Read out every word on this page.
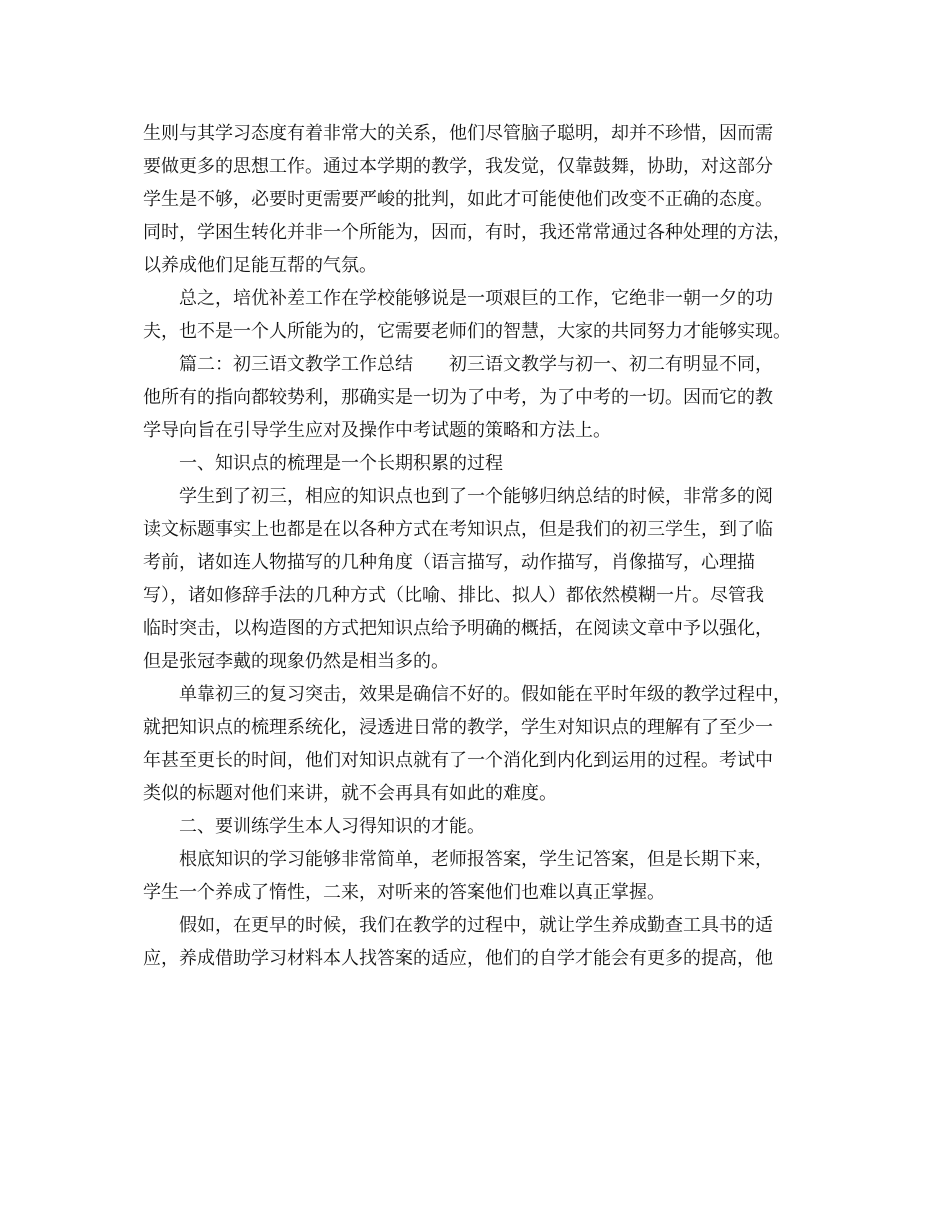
生则与其学习态度有着非常大的关系，他们尽管脑子聪明，却并不珍惜，因而需
要做更多的思想工作。通过本学期的教学，我发觉，仅靠鼓舞，协助，对这部分
学生是不够，必要时更需要严峻的批判，如此才可能使他们改变不正确的态度。
同时，学困生转化并非一个所能为，因而，有时，我还常常通过各种处理的方法，
以养成他们足能互帮的气氛。
总之，培优补差工作在学校能够说是一项艰巨的工作，它绝非一朝一夕的功
夫，也不是一个人所能为的，它需要老师们的智慧，大家的共同努力才能够实现。
篇二：初三语文教学工作总结　　初三语文教学与初一、初二有明显不同，
他所有的指向都较势利，那确实是一切为了中考，为了中考的一切。因而它的教
学导向旨在引导学生应对及操作中考试题的策略和方法上。
一、知识点的梳理是一个长期积累的过程
学生到了初三，相应的知识点也到了一个能够归纳总结的时候，非常多的阅
读文标题事实上也都是在以各种方式在考知识点，但是我们的初三学生，到了临
考前，诸如连人物描写的几种角度（语言描写，动作描写，肖像描写，心理描
写），诸如修辞手法的几种方式（比喻、排比、拟人）都依然模糊一片。尽管我
临时突击，以构造图的方式把知识点给予明确的概括，在阅读文章中予以强化，
但是张冠李戴的现象仍然是相当多的。
单靠初三的复习突击，效果是确信不好的。假如能在平时年级的教学过程中，
就把知识点的梳理系统化，浸透进日常的教学，学生对知识点的理解有了至少一
年甚至更长的时间，他们对知识点就有了一个消化到内化到运用的过程。考试中
类似的标题对他们来讲，就不会再具有如此的难度。
二、要训练学生本人习得知识的才能。
根底知识的学习能够非常简单，老师报答案，学生记答案，但是长期下来，
学生一个养成了惰性，二来，对听来的答案他们也难以真正掌握。
假如，在更早的时候，我们在教学的过程中，就让学生养成勤查工具书的适
应，养成借助学习材料本人找答案的适应，他们的自学才能会有更多的提高，他
